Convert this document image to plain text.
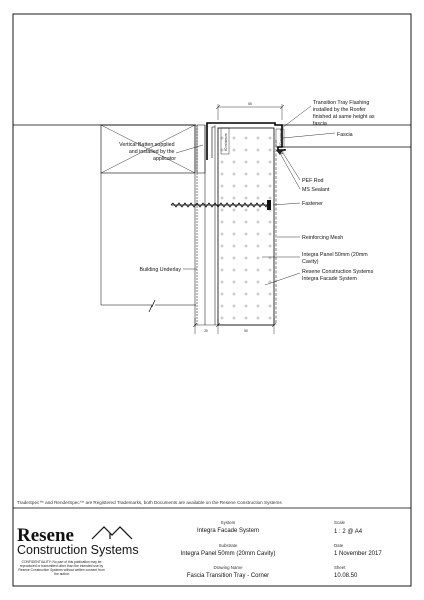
65
60 minimum	50 minimum
20	50
Transition Tray Flashing installed by the Roofer finished at same height as fascia
Fascia
Vertical Batten supplied and installed by the applicator
PEF Rod
MS Sealant
Fastener
Reinforcing Mesh
Integra Panel 50mm (20mm Cavity)
Resene Construction Systems Integra Facade System
Building Underlay
TradeSpec™ and RenderSpec™ are Registered Trademarks, both Documents are available on the Resene Construction Systems
Resene
Construction Systems
CONFIDENTIALITY: No part of this publication may be reproduced or transmitted other than the intended use by Resene Construction Systems without written consent from the author.
System
Integra Facade System
Substrate
Integra Panel 50mm (20mm Cavity)
Drawing Name
Fascia Transition Tray - Corner
Scale
1 : 2 @ A4
Date
1 November 2017
Sheet
10.08.50
